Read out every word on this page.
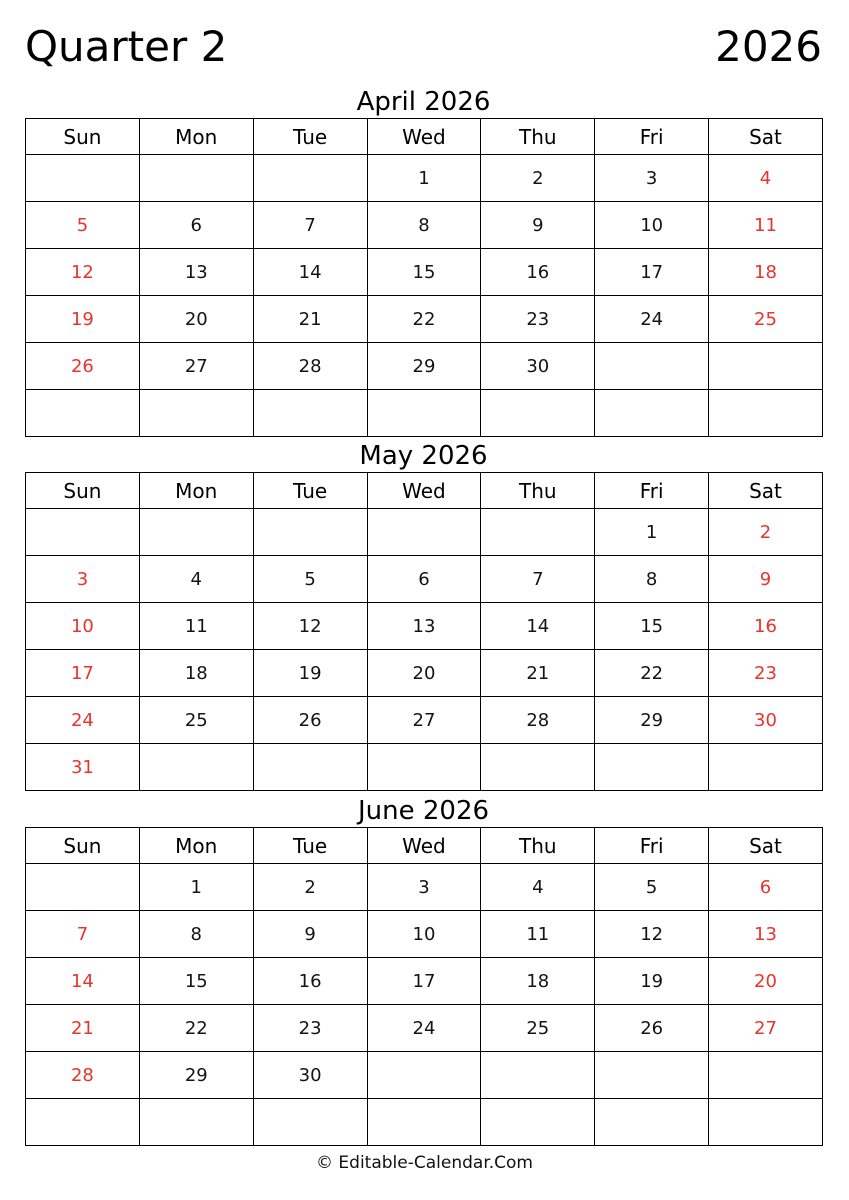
Quarter 2	2026
April 2026
Sun	Mon	Tue	Wed	Thu	Fri	Sat
			1	2	3	4
5	6	7	8	9	10	11
12	13	14	15	16	17	18
19	20	21	22	23	24	25
26	27	28	29	30		

May 2026
Sun	Mon	Tue	Wed	Thu	Fri	Sat
					1	2
3	4	5	6	7	8	9
10	11	12	13	14	15	16
17	18	19	20	21	22	23
24	25	26	27	28	29	30
31						
June 2026
Sun	Mon	Tue	Wed	Thu	Fri	Sat
	1	2	3	4	5	6
7	8	9	10	11	12	13
14	15	16	17	18	19	20
21	22	23	24	25	26	27
28	29	30				

© Editable-Calendar.Com
